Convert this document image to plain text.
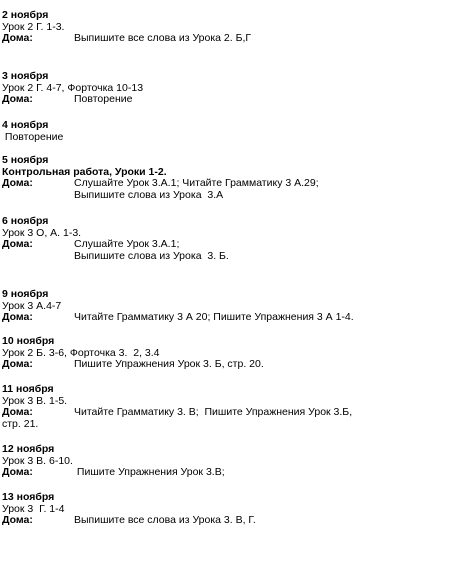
2 ноября
Урок 2 Г. 1-3.
Дома:	Выпишите все слова из Урока 2. Б,Г
3 ноября
Урок 2 Г. 4-7, Форточка 10-13
Дома:	Повторение
4 ноября
Повторение
5 ноября
Контрольная работа, Уроки 1-2.
Дома:	Слушайте Урок 3.А.1; Читайте Грамматику 3 А.29;
Выпишите слова из Урока  3.А
6 ноября
Урок 3 О, А. 1-3.
Дома:	Слушайте Урок 3.А.1;
Выпишите слова из Урока  3. Б.
9 ноября
Урок 3 А.4-7
Дома:	Читайте Грамматику 3 А 20; Пишите Упражнения 3 А 1-4.
10 ноября
Урок 2 Б. 3-6, Форточка 3.  2, 3.4
Дома:	Пишите Упражнения Урок 3. Б, стр. 20.
11 ноября
Урок 3 В. 1-5.
Дома:	Читайте Грамматику 3. В;  Пишите Упражнения Урок 3.Б,
стр. 21.
12 ноября
Урок 3 В. 6-10.
Дома:	Пишите Упражнения Урок 3.В;
13 ноября
Урок 3  Г. 1-4
Дома:	Выпишите все слова из Урока 3. В, Г.
